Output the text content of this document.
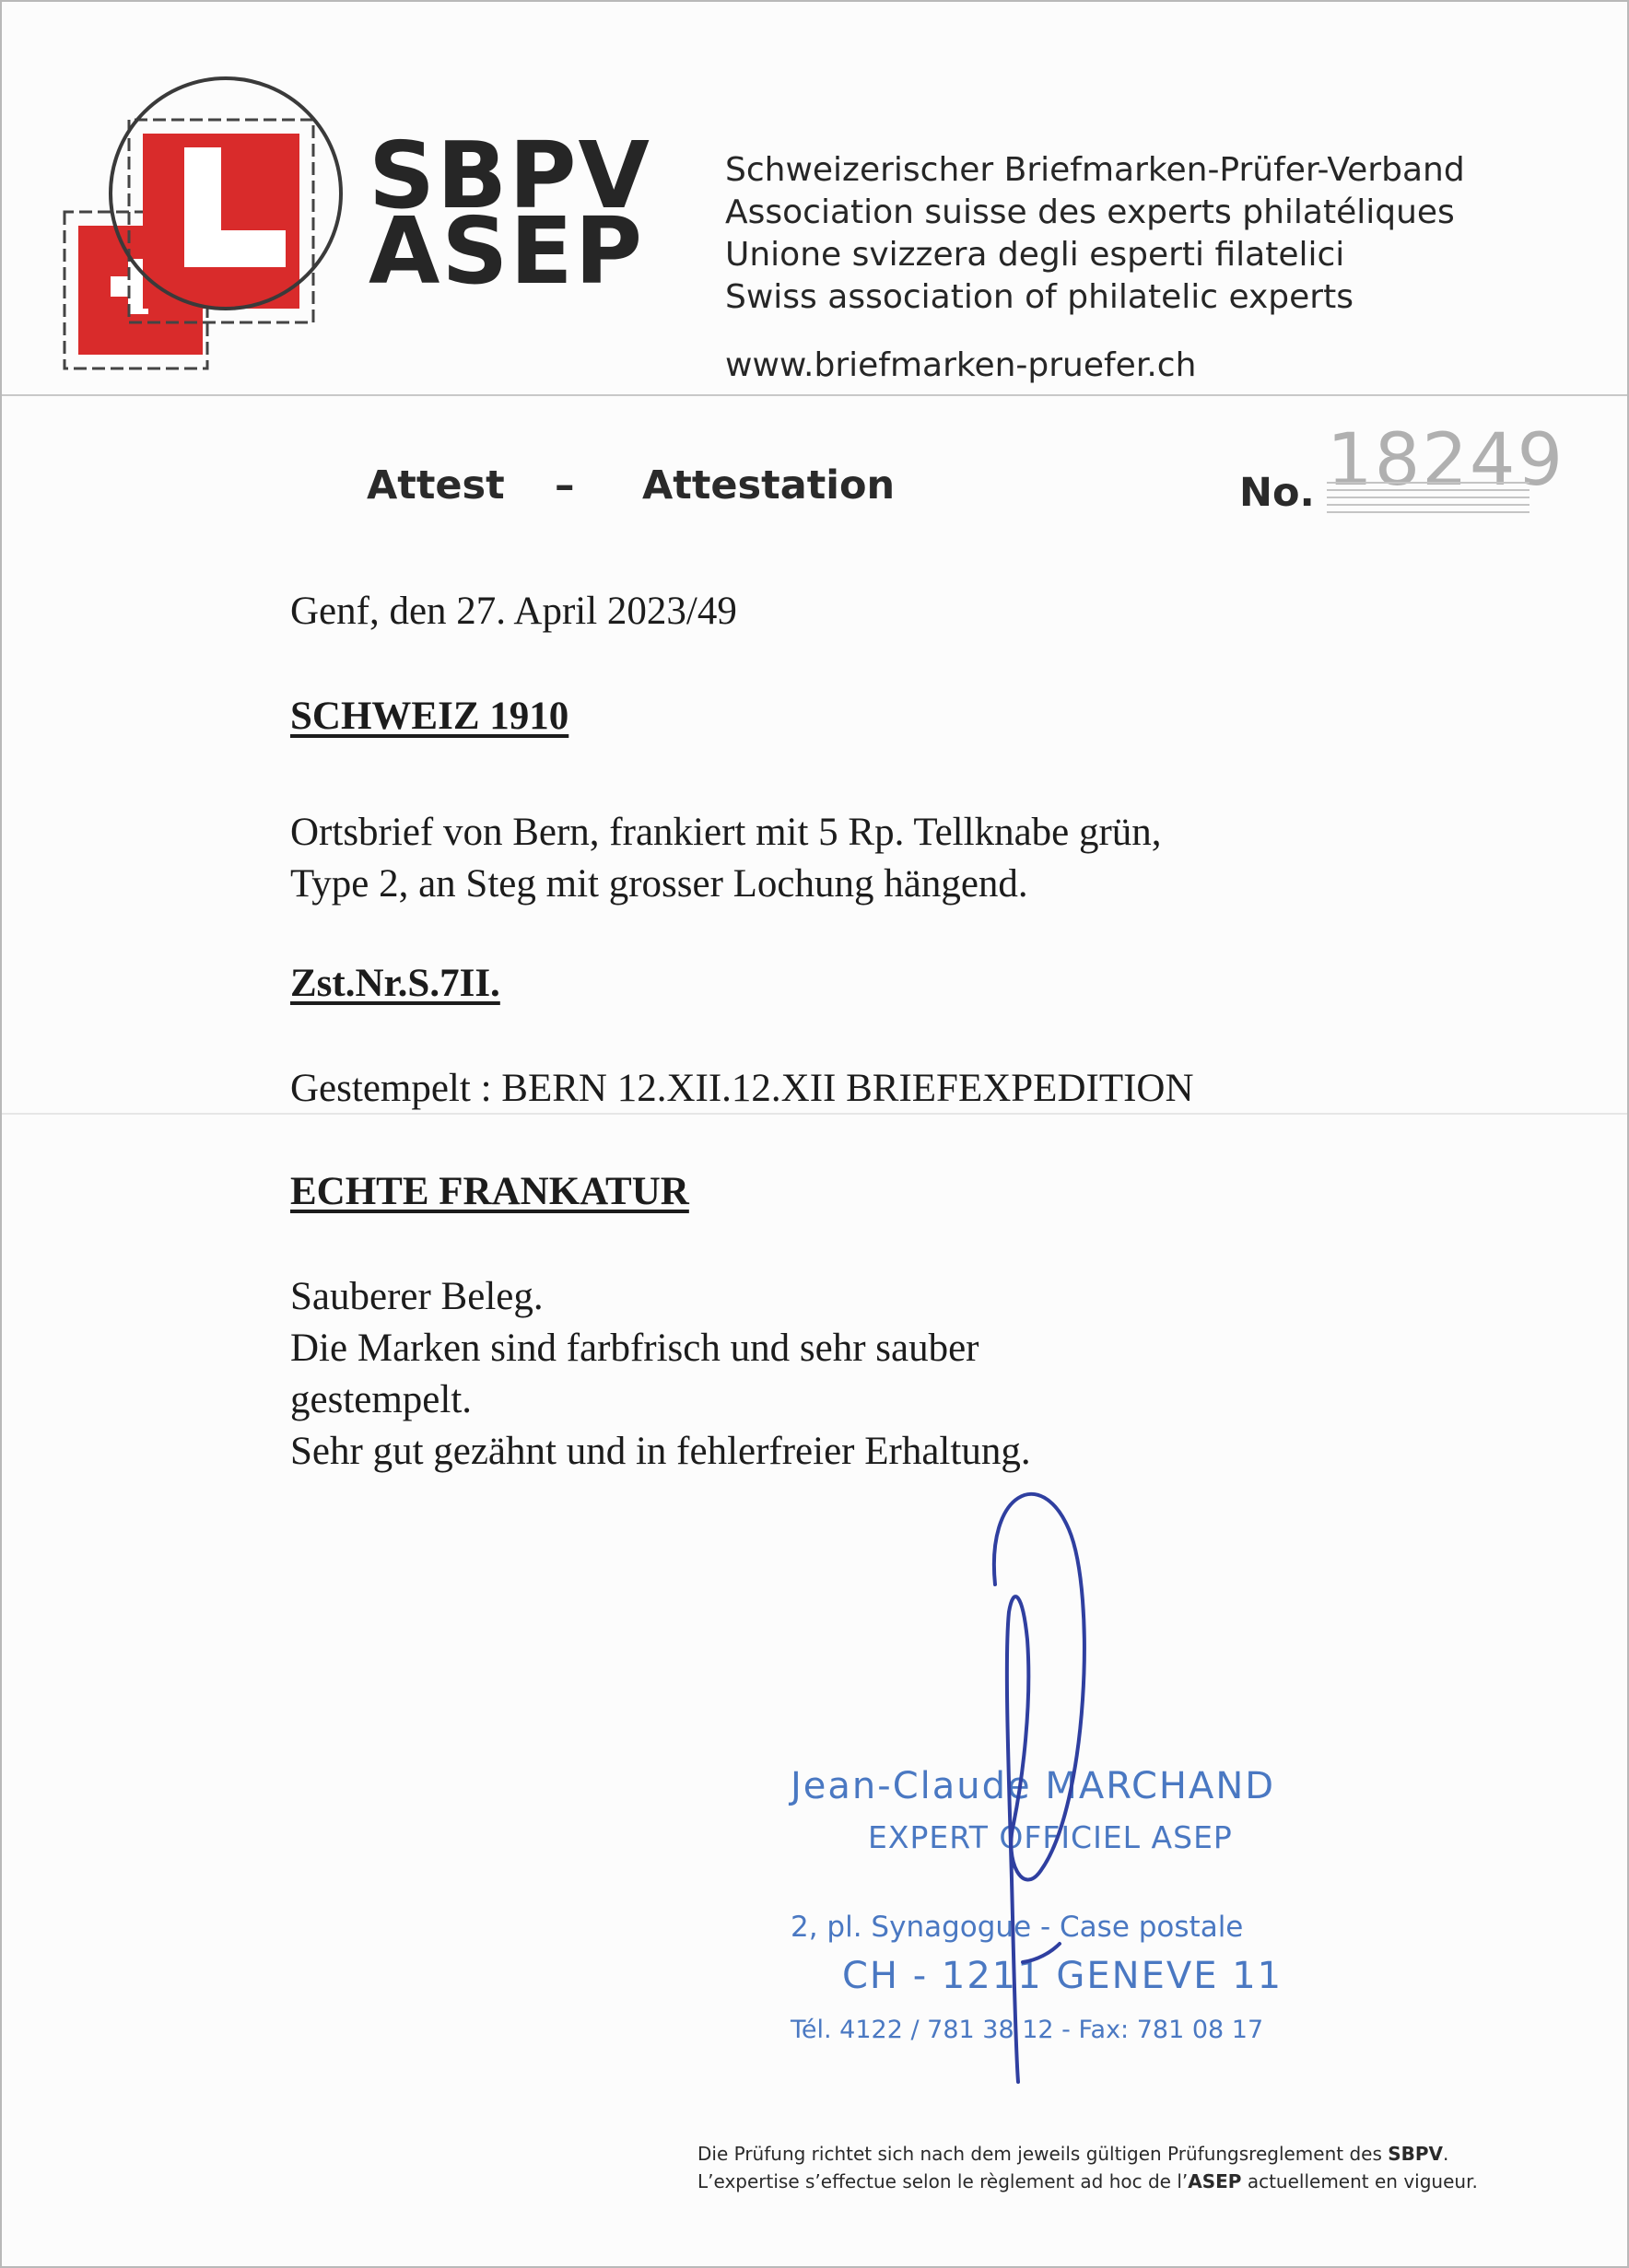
SBPV
ASEP
Schweizerischer Briefmarken-Prüfer-Verband
Association suisse des experts philatéliques
Unione svizzera degli esperti filatelici
Swiss association of philatelic experts
www.briefmarken-pruefer.ch
Attest – Attestation	No. 18249
Genf, den 27. April 2023/49
SCHWEIZ 1910
Ortsbrief von Bern, frankiert mit 5 Rp. Tellknabe grün,
Type 2, an Steg mit grosser Lochung hängend.
Zst.Nr.S.7II.
Gestempelt : BERN 12.XII.12.XII BRIEFEXPEDITION
ECHTE FRANKATUR
Sauberer Beleg.
Die Marken sind farbfrisch und sehr sauber
gestempelt.
Sehr gut gezähnt und in fehlerfreier Erhaltung.
Jean-Claude MARCHAND
EXPERT OFFICIEL ASEP
2, pl. Synagogue - Case postale
CH - 1211 GENEVE 11
Tél. 4122 / 781 38 12 - Fax: 781 08 17
Die Prüfung richtet sich nach dem jeweils gültigen Prüfungsreglement des SBPV.
L’expertise s’effectue selon le règlement ad hoc de l’ASEP actuellement en vigueur.
